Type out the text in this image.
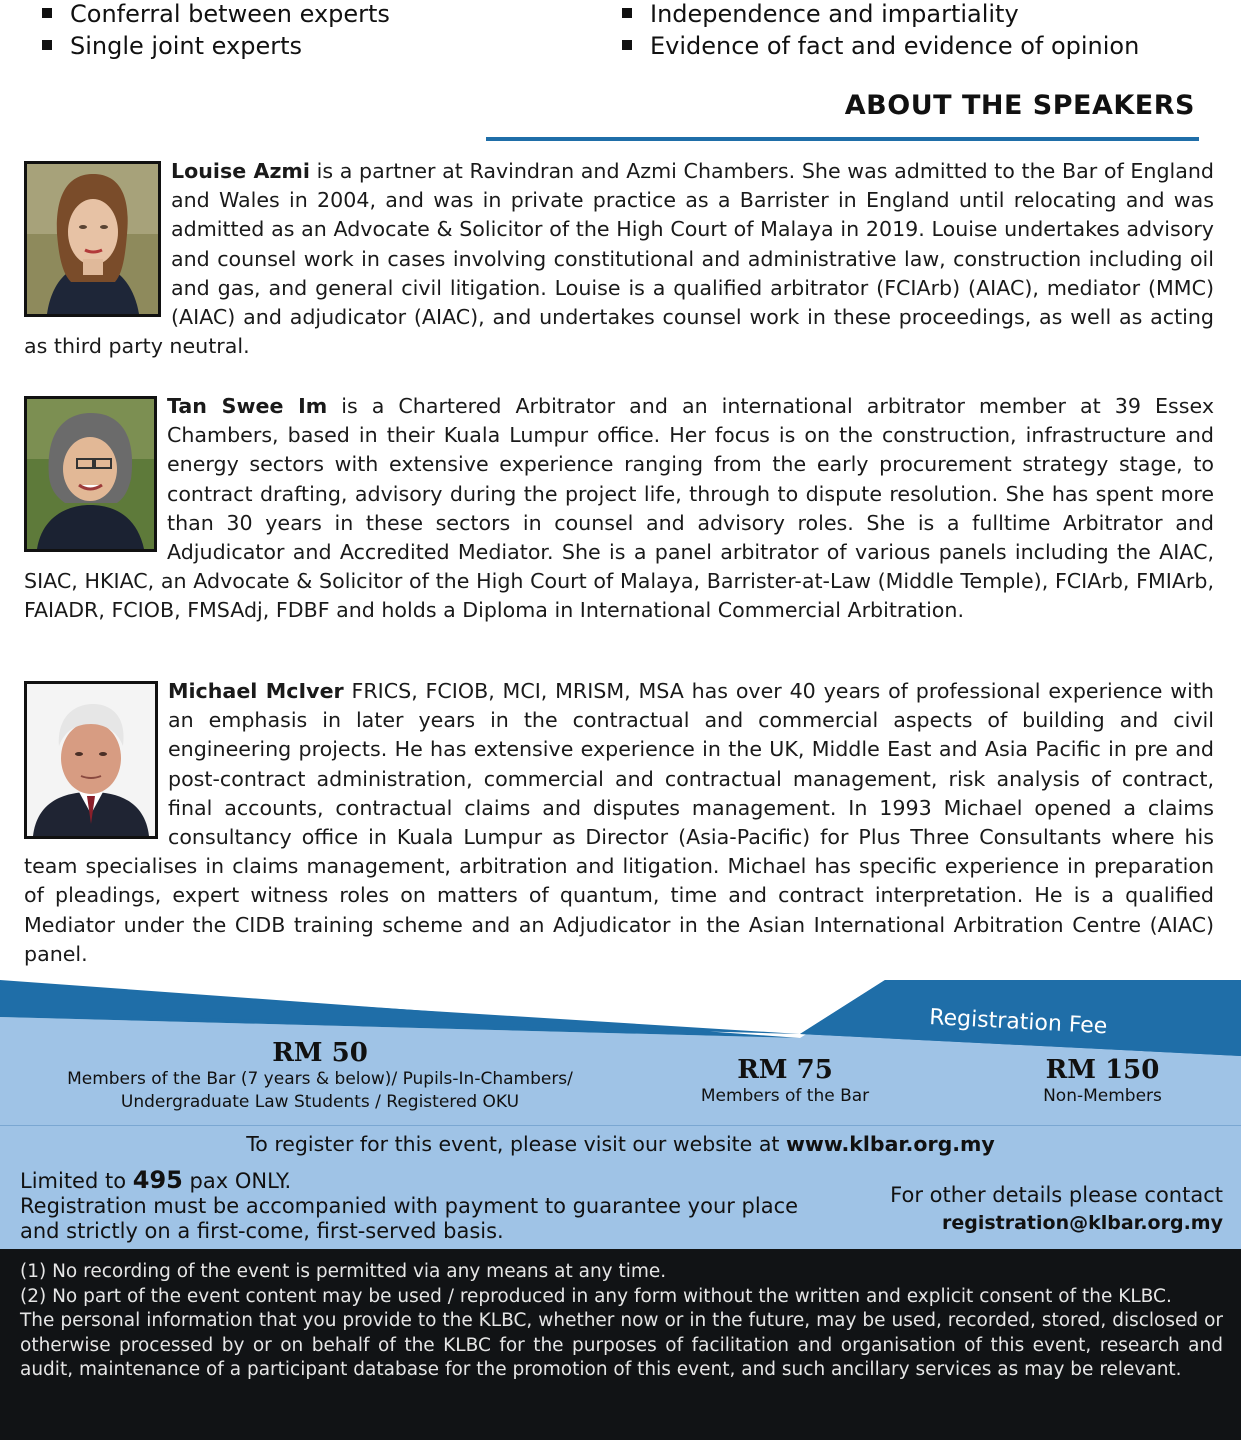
Conferral between experts
Single joint experts
Independence and impartiality
Evidence of fact and evidence of opinion
ABOUT THE SPEAKERS
Louise Azmi is a partner at Ravindran and Azmi Chambers. She was admitted to the Bar of England and Wales in 2004, and was in private practice as a Barrister in England until relocating and was admitted as an Advocate & Solicitor of the High Court of Malaya in 2019. Louise undertakes advisory and counsel work in cases involving constitutional and administrative law, construction including oil and gas, and general civil litigation. Louise is a qualified arbitrator (FCIArb) (AIAC), mediator (MMC) (AIAC) and adjudicator (AIAC), and undertakes counsel work in these proceedings, as well as acting as third party neutral.
Tan Swee Im is a Chartered Arbitrator and an international arbitrator member at 39 Essex Chambers, based in their Kuala Lumpur office. Her focus is on the construction, infrastructure and energy sectors with extensive experience ranging from the early procurement strategy stage, to contract drafting, advisory during the project life, through to dispute resolution. She has spent more than 30 years in these sectors in counsel and advisory roles. She is a fulltime Arbitrator and Adjudicator and Accredited Mediator. She is a panel arbitrator of various panels including the AIAC, SIAC, HKIAC, an Advocate & Solicitor of the High Court of Malaya, Barrister-at-Law (Middle Temple), FCIArb, FMIArb, FAIADR, FCIOB, FMSAdj, FDBF and holds a Diploma in International Commercial Arbitration.
Michael McIver FRICS, FCIOB, MCI, MRISM, MSA has over 40 years of professional experience with an emphasis in later years in the contractual and commercial aspects of building and civil engineering projects. He has extensive experience in the UK, Middle East and Asia Pacific in pre and post-contract administration, commercial and contractual management, risk analysis of contract, final accounts, contractual claims and disputes management. In 1993 Michael opened a claims consultancy office in Kuala Lumpur as Director (Asia-Pacific) for Plus Three Consultants where his team specialises in claims management, arbitration and litigation. Michael has specific experience in preparation of pleadings, expert witness roles on matters of quantum, time and contract interpretation. He is a qualified Mediator under the CIDB training scheme and an Adjudicator in the Asian International Arbitration Centre (AIAC) panel.
Registration Fee
RM 50
Members of the Bar (7 years & below)/ Pupils-In-Chambers/
Undergraduate Law Students / Registered OKU
RM 75
Members of the Bar
RM 150
Non-Members
To register for this event, please visit our website at www.klbar.org.my
Limited to 495 pax ONLY.

Registration must be accompanied with payment to guarantee your place and strictly on a first-come, first-served basis.
For other details please contact
registration@klbar.org.my

(1) No recording of the event is permitted via any means at any time.

(2) No part of the event content may be used / reproduced in any form without the written and explicit consent of the KLBC.

The personal information that you provide to the KLBC, whether now or in the future, may be used, recorded, stored, disclosed or otherwise processed by or on behalf of the KLBC for the purposes of facilitation and organisation of this event, research and audit, maintenance of a participant database for the promotion of this event, and such ancillary services as may be relevant.
